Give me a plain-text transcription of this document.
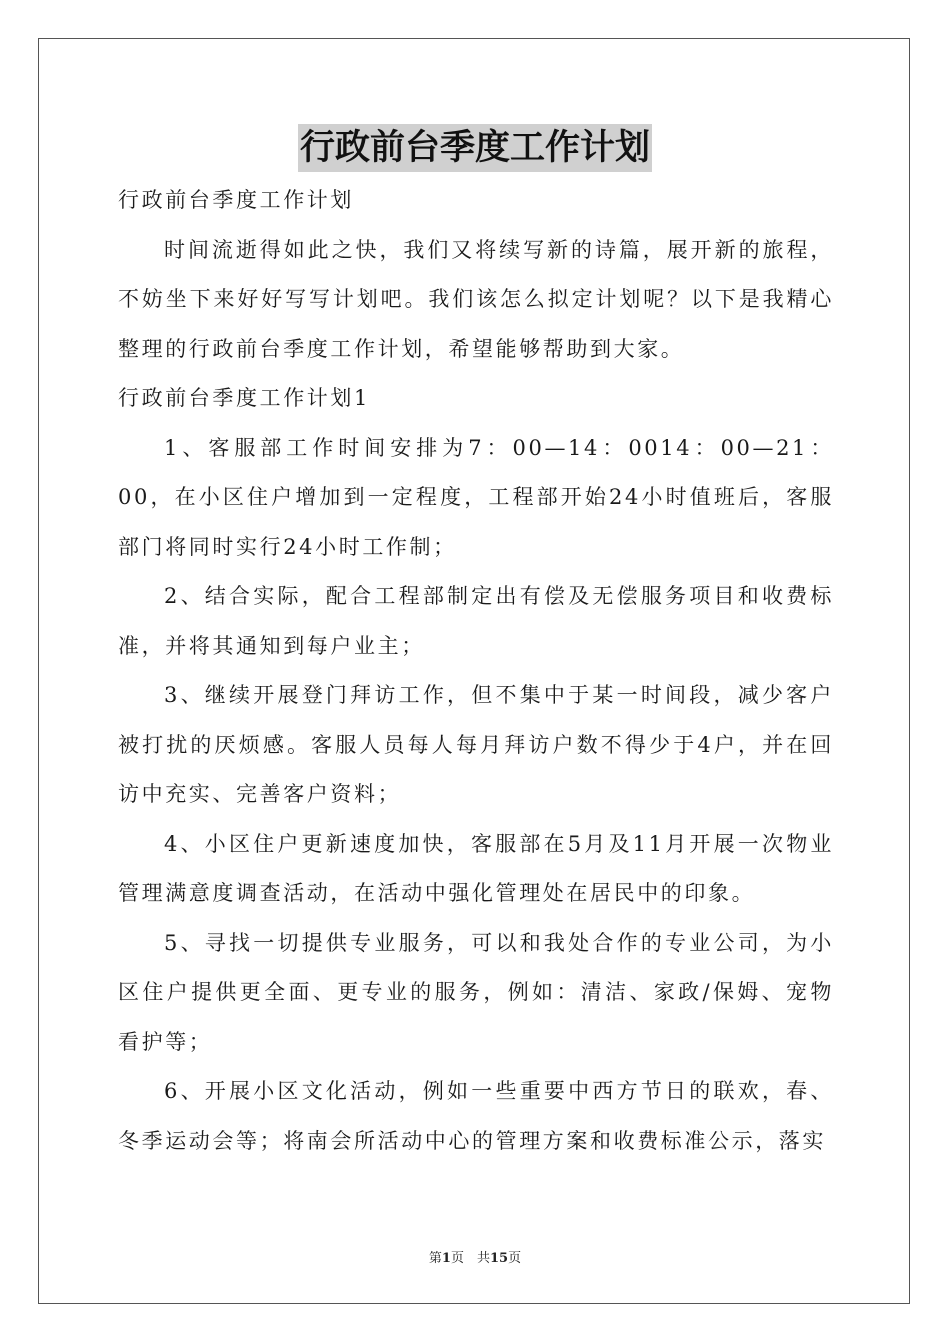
行政前台季度工作计划

行政前台季度工作计划

时间流逝得如此之快，我们又将续写新的诗篇，展开新的旅程，不妨坐下来好好写写计划吧。我们该怎么拟定计划呢？以下是我精心整理的行政前台季度工作计划，希望能够帮助到大家。

行政前台季度工作计划1

1、客服部工作时间安排为7：00—14：0014：00—21：00，在小区住户增加到一定程度，工程部开始24小时值班后，客服部门将同时实行24小时工作制；

2、结合实际，配合工程部制定出有偿及无偿服务项目和收费标准，并将其通知到每户业主；

3、继续开展登门拜访工作，但不集中于某一时间段，减少客户被打扰的厌烦感。客服人员每人每月拜访户数不得少于4户，并在回访中充实、完善客户资料；

4、小区住户更新速度加快，客服部在5月及11月开展一次物业管理满意度调查活动，在活动中强化管理处在居民中的印象。

5、寻找一切提供专业服务，可以和我处合作的专业公司，为小区住户提供更全面、更专业的服务，例如：清洁、家政/保姆、宠物看护等；

6、开展小区文化活动，例如一些重要中西方节日的联欢，春、冬季运动会等；将南会所活动中心的管理方案和收费标准公示，落实

第1页　共15页
